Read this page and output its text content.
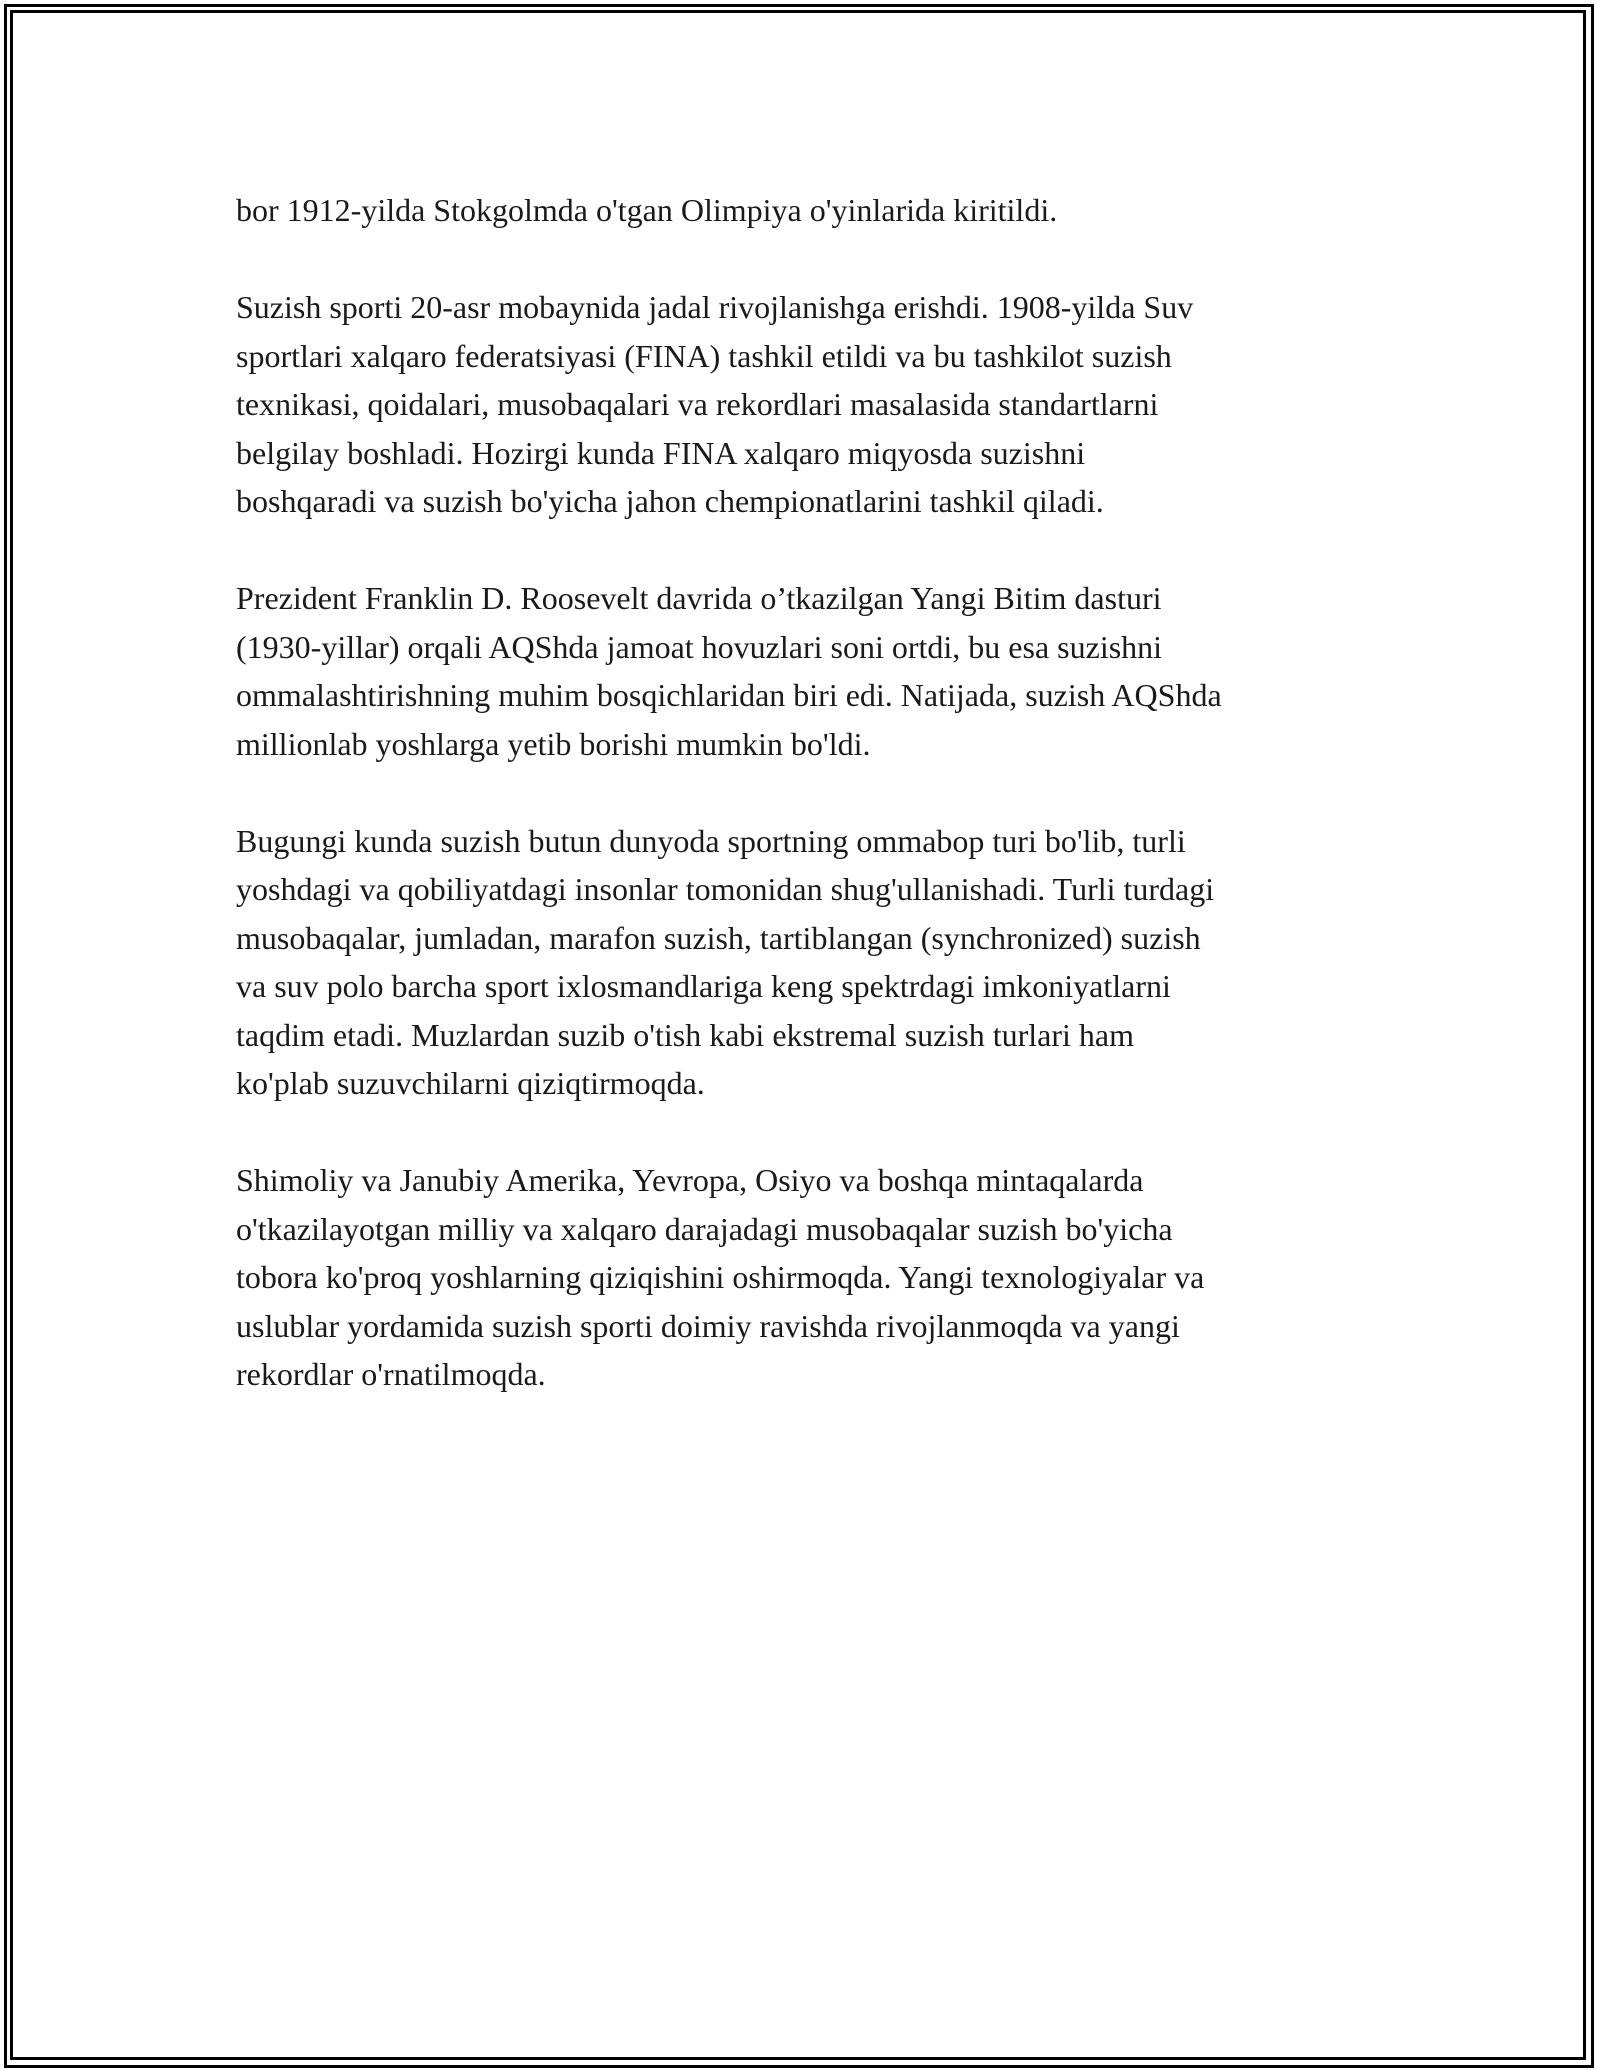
bor 1912-yilda Stokgolmda o'tgan Olimpiya o'yinlarida kiritildi.

Suzish sporti 20-asr mobaynida jadal rivojlanishga erishdi. 1908-yilda Suv
sportlari xalqaro federatsiyasi (FINA) tashkil etildi va bu tashkilot suzish
texnikasi, qoidalari, musobaqalari va rekordlari masalasida standartlarni
belgilay boshladi. Hozirgi kunda FINA xalqaro miqyosda suzishni
boshqaradi va suzish bo'yicha jahon chempionatlarini tashkil qiladi.

Prezident Franklin D. Roosevelt davrida o’tkazilgan Yangi Bitim dasturi
(1930-yillar) orqali AQShda jamoat hovuzlari soni ortdi, bu esa suzishni
ommalashtirishning muhim bosqichlaridan biri edi. Natijada, suzish AQShda
millionlab yoshlarga yetib borishi mumkin bo'ldi.

Bugungi kunda suzish butun dunyoda sportning ommabop turi bo'lib, turli
yoshdagi va qobiliyatdagi insonlar tomonidan shug'ullanishadi. Turli turdagi
musobaqalar, jumladan, marafon suzish, tartiblangan (synchronized) suzish
va suv polo barcha sport ixlosmandlariga keng spektrdagi imkoniyatlarni
taqdim etadi. Muzlardan suzib o'tish kabi ekstremal suzish turlari ham
ko'plab suzuvchilarni qiziqtirmoqda.

Shimoliy va Janubiy Amerika, Yevropa, Osiyo va boshqa mintaqalarda
o'tkazilayotgan milliy va xalqaro darajadagi musobaqalar suzish bo'yicha
tobora ko'proq yoshlarning qiziqishini oshirmoqda. Yangi texnologiyalar va
uslublar yordamida suzish sporti doimiy ravishda rivojlanmoqda va yangi
rekordlar o'rnatilmoqda.
